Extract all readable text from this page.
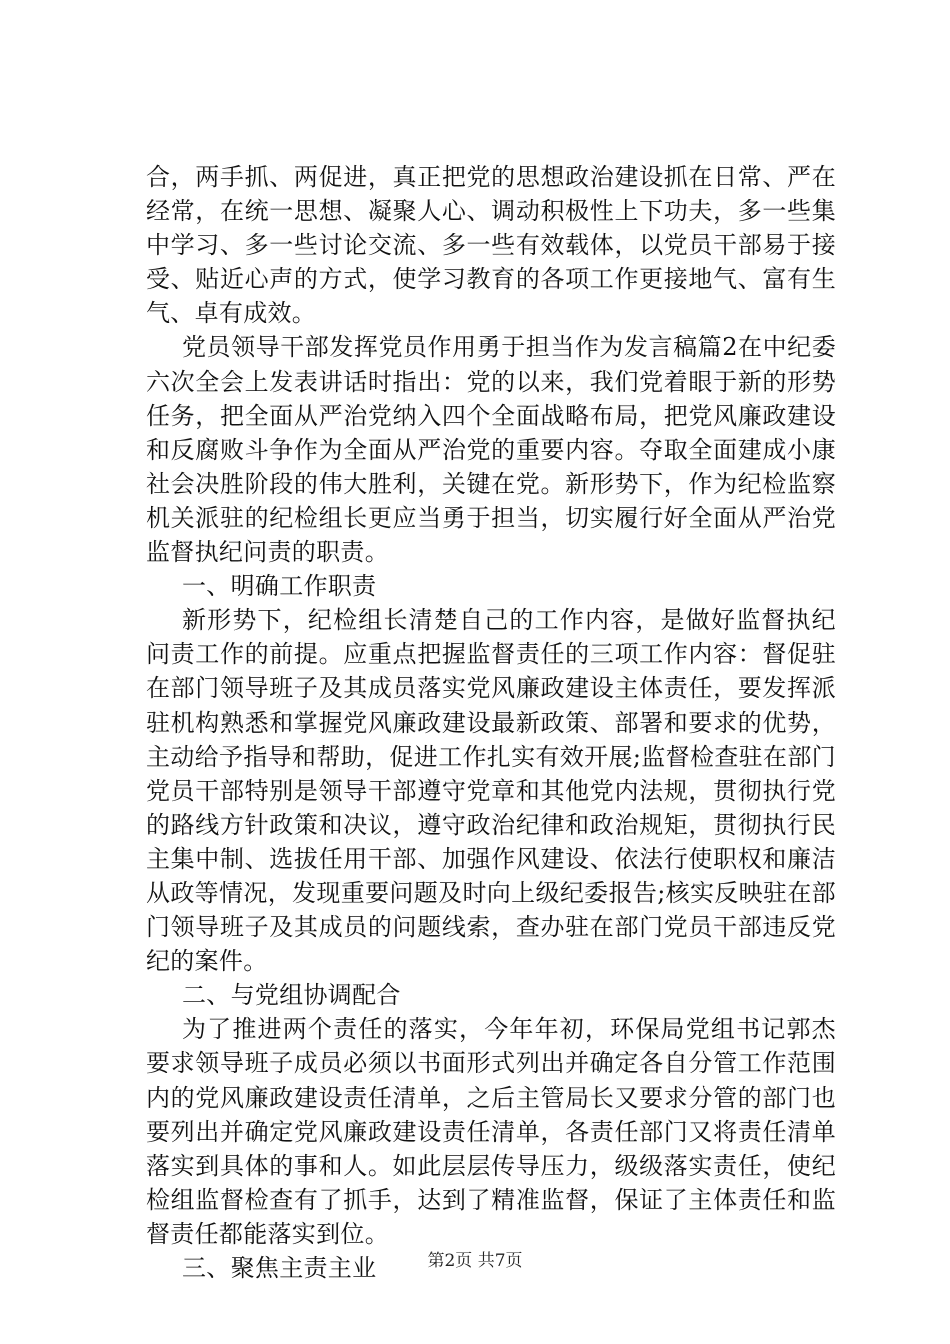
合，两手抓、两促进，真正把党的思想政治建设抓在日常、严在经常，在统一思想、凝聚人心、调动积极性上下功夫，多一些集中学习、多一些讨论交流、多一些有效载体，以党员干部易于接受、贴近心声的方式，使学习教育的各项工作更接地气、富有生气、卓有成效。

党员领导干部发挥党员作用勇于担当作为发言稿篇2在中纪委六次全会上发表讲话时指出：党的以来，我们党着眼于新的形势任务，把全面从严治党纳入四个全面战略布局，把党风廉政建设和反腐败斗争作为全面从严治党的重要内容。夺取全面建成小康社会决胜阶段的伟大胜利，关键在党。新形势下，作为纪检监察机关派驻的纪检组长更应当勇于担当，切实履行好全面从严治党监督执纪问责的职责。

一、明确工作职责

新形势下，纪检组长清楚自己的工作内容，是做好监督执纪问责工作的前提。应重点把握监督责任的三项工作内容：督促驻在部门领导班子及其成员落实党风廉政建设主体责任，要发挥派驻机构熟悉和掌握党风廉政建设最新政策、部署和要求的优势，主动给予指导和帮助，促进工作扎实有效开展;监督检查驻在部门党员干部特别是领导干部遵守党章和其他党内法规，贯彻执行党的路线方针政策和决议，遵守政治纪律和政治规矩，贯彻执行民主集中制、选拔任用干部、加强作风建设、依法行使职权和廉洁从政等情况，发现重要问题及时向上级纪委报告;核实反映驻在部门领导班子及其成员的问题线索，查办驻在部门党员干部违反党纪的案件。

二、与党组协调配合

为了推进两个责任的落实，今年年初，环保局党组书记郭杰要求领导班子成员必须以书面形式列出并确定各自分管工作范围内的党风廉政建设责任清单，之后主管局长又要求分管的部门也要列出并确定党风廉政建设责任清单，各责任部门又将责任清单落实到具体的事和人。如此层层传导压力，级级落实责任，使纪检组监督检查有了抓手，达到了精准监督，保证了主体责任和监督责任都能落实到位。

三、聚焦主责主业	第2页 共7页
